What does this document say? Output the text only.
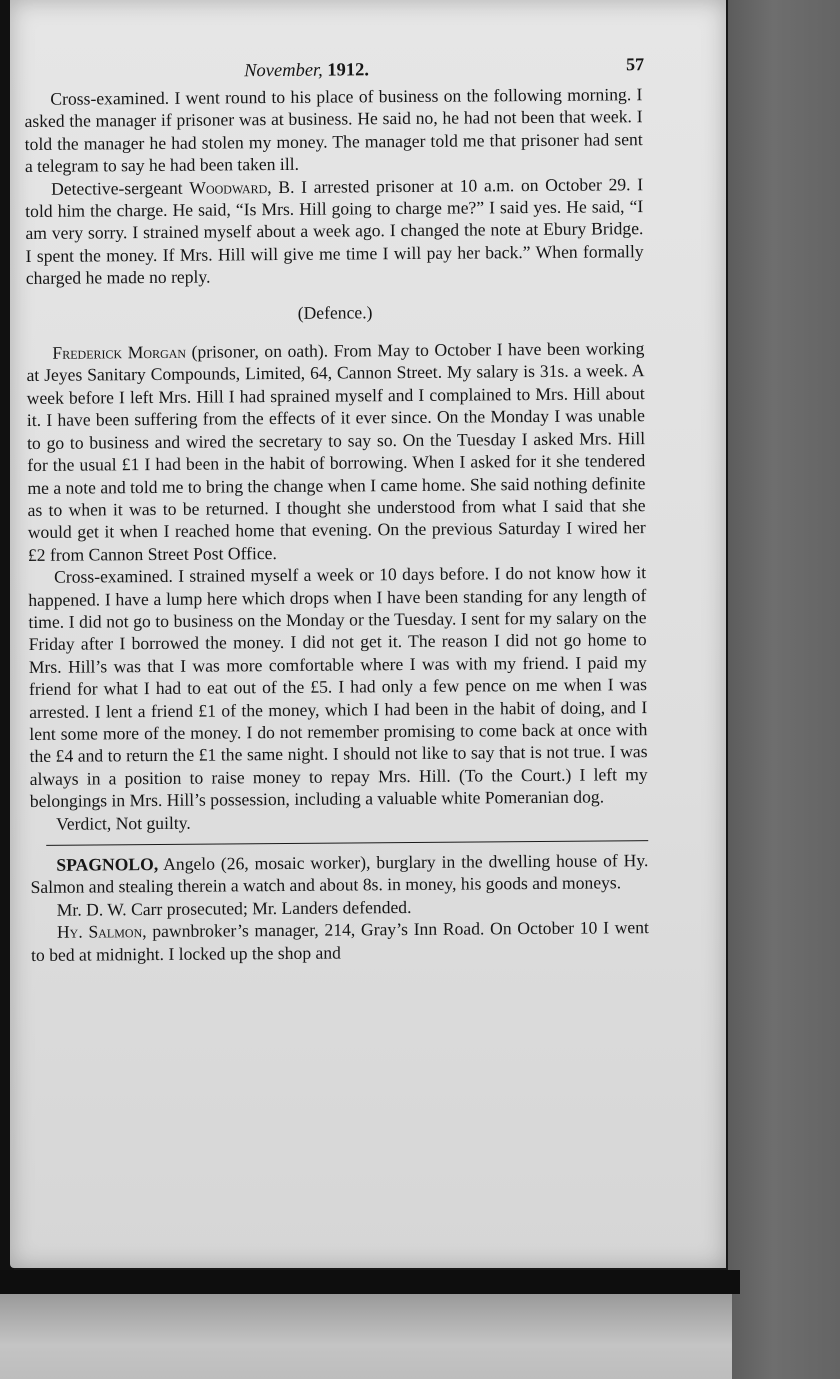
November, 1912.	57

Cross-examined. I went round to his place of business on the following morning. I asked the manager if prisoner was at business. He said no, he had not been that week. I told the manager he had stolen my money. The manager told me that prisoner had sent a telegram to say he had been taken ill.

Detective-sergeant Woodward, B. I arrested prisoner at 10 a.m. on October 29. I told him the charge. He said, “Is Mrs. Hill going to charge me?” I said yes. He said, “I am very sorry. I strained myself about a week ago. I changed the note at Ebury Bridge. I spent the money. If Mrs. Hill will give me time I will pay her back.” When formally charged he made no reply.

(Defence.)

Frederick Morgan (prisoner, on oath). From May to October I have been working at Jeyes Sanitary Compounds, Limited, 64, Cannon Street. My salary is 31s. a week. A week before I left Mrs. Hill I had sprained myself and I complained to Mrs. Hill about it. I have been suffering from the effects of it ever since. On the Monday I was unable to go to business and wired the secretary to say so. On the Tuesday I asked Mrs. Hill for the usual £1 I had been in the habit of borrowing. When I asked for it she tendered me a note and told me to bring the change when I came home. She said nothing definite as to when it was to be returned. I thought she understood from what I said that she would get it when I reached home that evening. On the previous Saturday I wired her £2 from Cannon Street Post Office.

Cross-examined. I strained myself a week or 10 days before. I do not know how it happened. I have a lump here which drops when I have been standing for any length of time. I did not go to business on the Monday or the Tuesday. I sent for my salary on the Friday after I borrowed the money. I did not get it. The reason I did not go home to Mrs. Hill’s was that I was more comfortable where I was with my friend. I paid my friend for what I had to eat out of the £5. I had only a few pence on me when I was arrested. I lent a friend £1 of the money, which I had been in the habit of doing, and I lent some more of the money. I do not remember promising to come back at once with the £4 and to return the £1 the same night. I should not like to say that is not true. I was always in a position to raise money to repay Mrs. Hill. (To the Court.) I left my belongings in Mrs. Hill’s possession, including a valuable white Pomeranian dog.

Verdict, Not guilty.

SPAGNOLO, Angelo (26, mosaic worker), burglary in the dwelling house of Hy. Salmon and stealing therein a watch and about 8s. in money, his goods and moneys.

Mr. D. W. Carr prosecuted; Mr. Landers defended.

Hy. Salmon, pawnbroker’s manager, 214, Gray’s Inn Road. On October 10 I went to bed at midnight. I locked up the shop and
